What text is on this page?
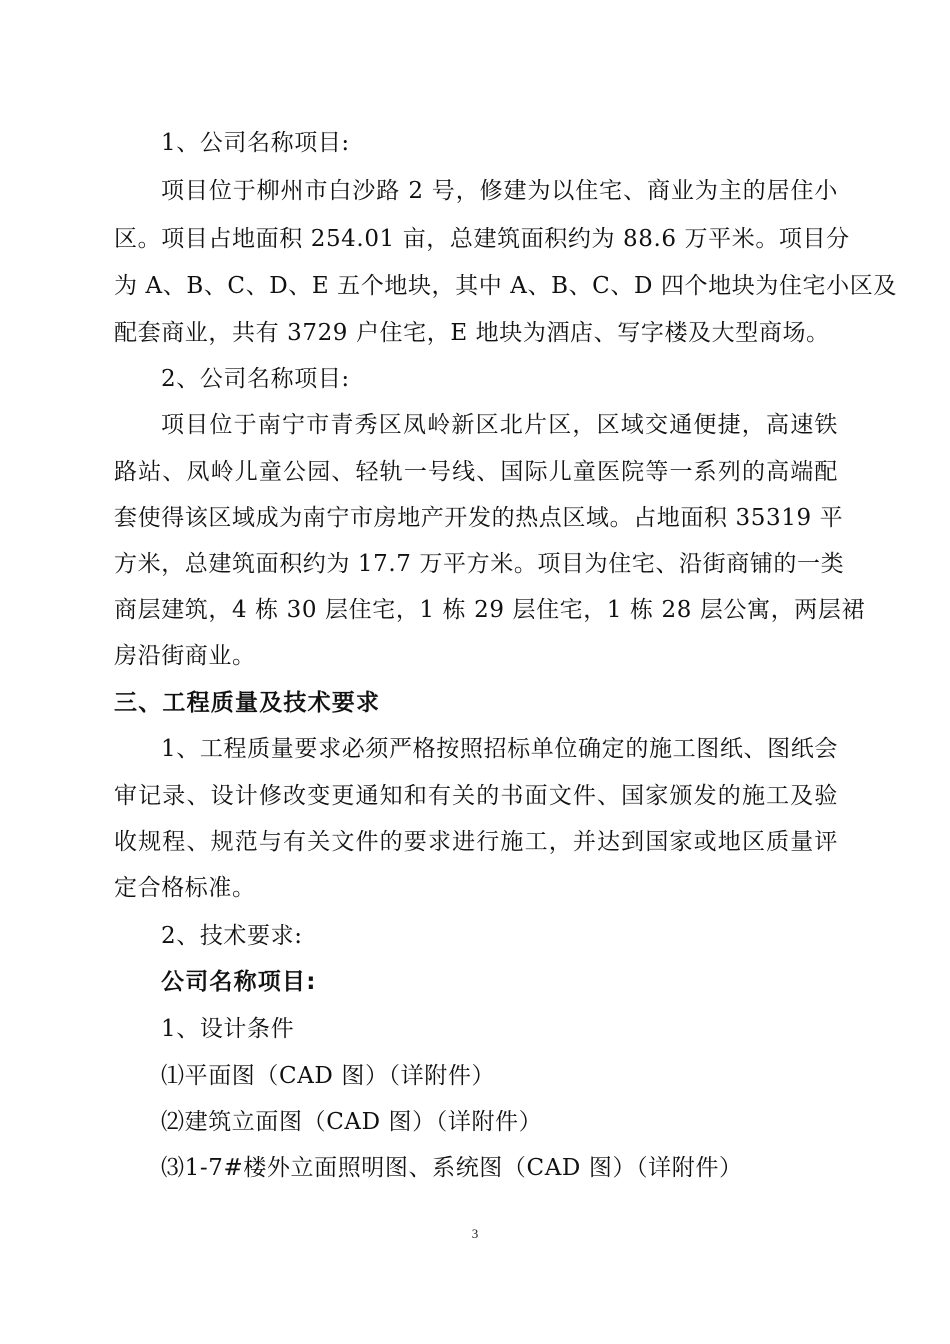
1、公司名称项目:
项目位于柳州市白沙路 2 号，修建为以住宅、商业为主的居住小
区。项目占地面积 254.01 亩，总建筑面积约为 88.6 万平米。项目分
为 A、B、C、D、E 五个地块，其中 A、B、C、D 四个地块为住宅小区及
配套商业，共有 3729 户住宅，E 地块为酒店、写字楼及大型商场。
2、公司名称项目:
项目位于南宁市青秀区凤岭新区北片区，区域交通便捷，高速铁
路站、凤岭儿童公园、轻轨一号线、国际儿童医院等一系列的高端配
套使得该区域成为南宁市房地产开发的热点区域。占地面积 35319 平
方米，总建筑面积约为 17.7 万平方米。项目为住宅、沿街商铺的一类
商层建筑，4 栋 30 层住宅，1 栋 29 层住宅，1 栋 28 层公寓，两层裙
房沿街商业。
三、工程质量及技术要求
1、工程质量要求必须严格按照招标单位确定的施工图纸、图纸会
审记录、设计修改变更通知和有关的书面文件、国家颁发的施工及验
收规程、规范与有关文件的要求进行施工，并达到国家或地区质量评
定合格标准。
2、技术要求:
公司名称项目:
1、设计条件
⑴平面图（CAD 图）（详附件）
⑵建筑立面图（CAD 图）（详附件）
⑶1-7#楼外立面照明图、系统图（CAD 图）（详附件）
3
